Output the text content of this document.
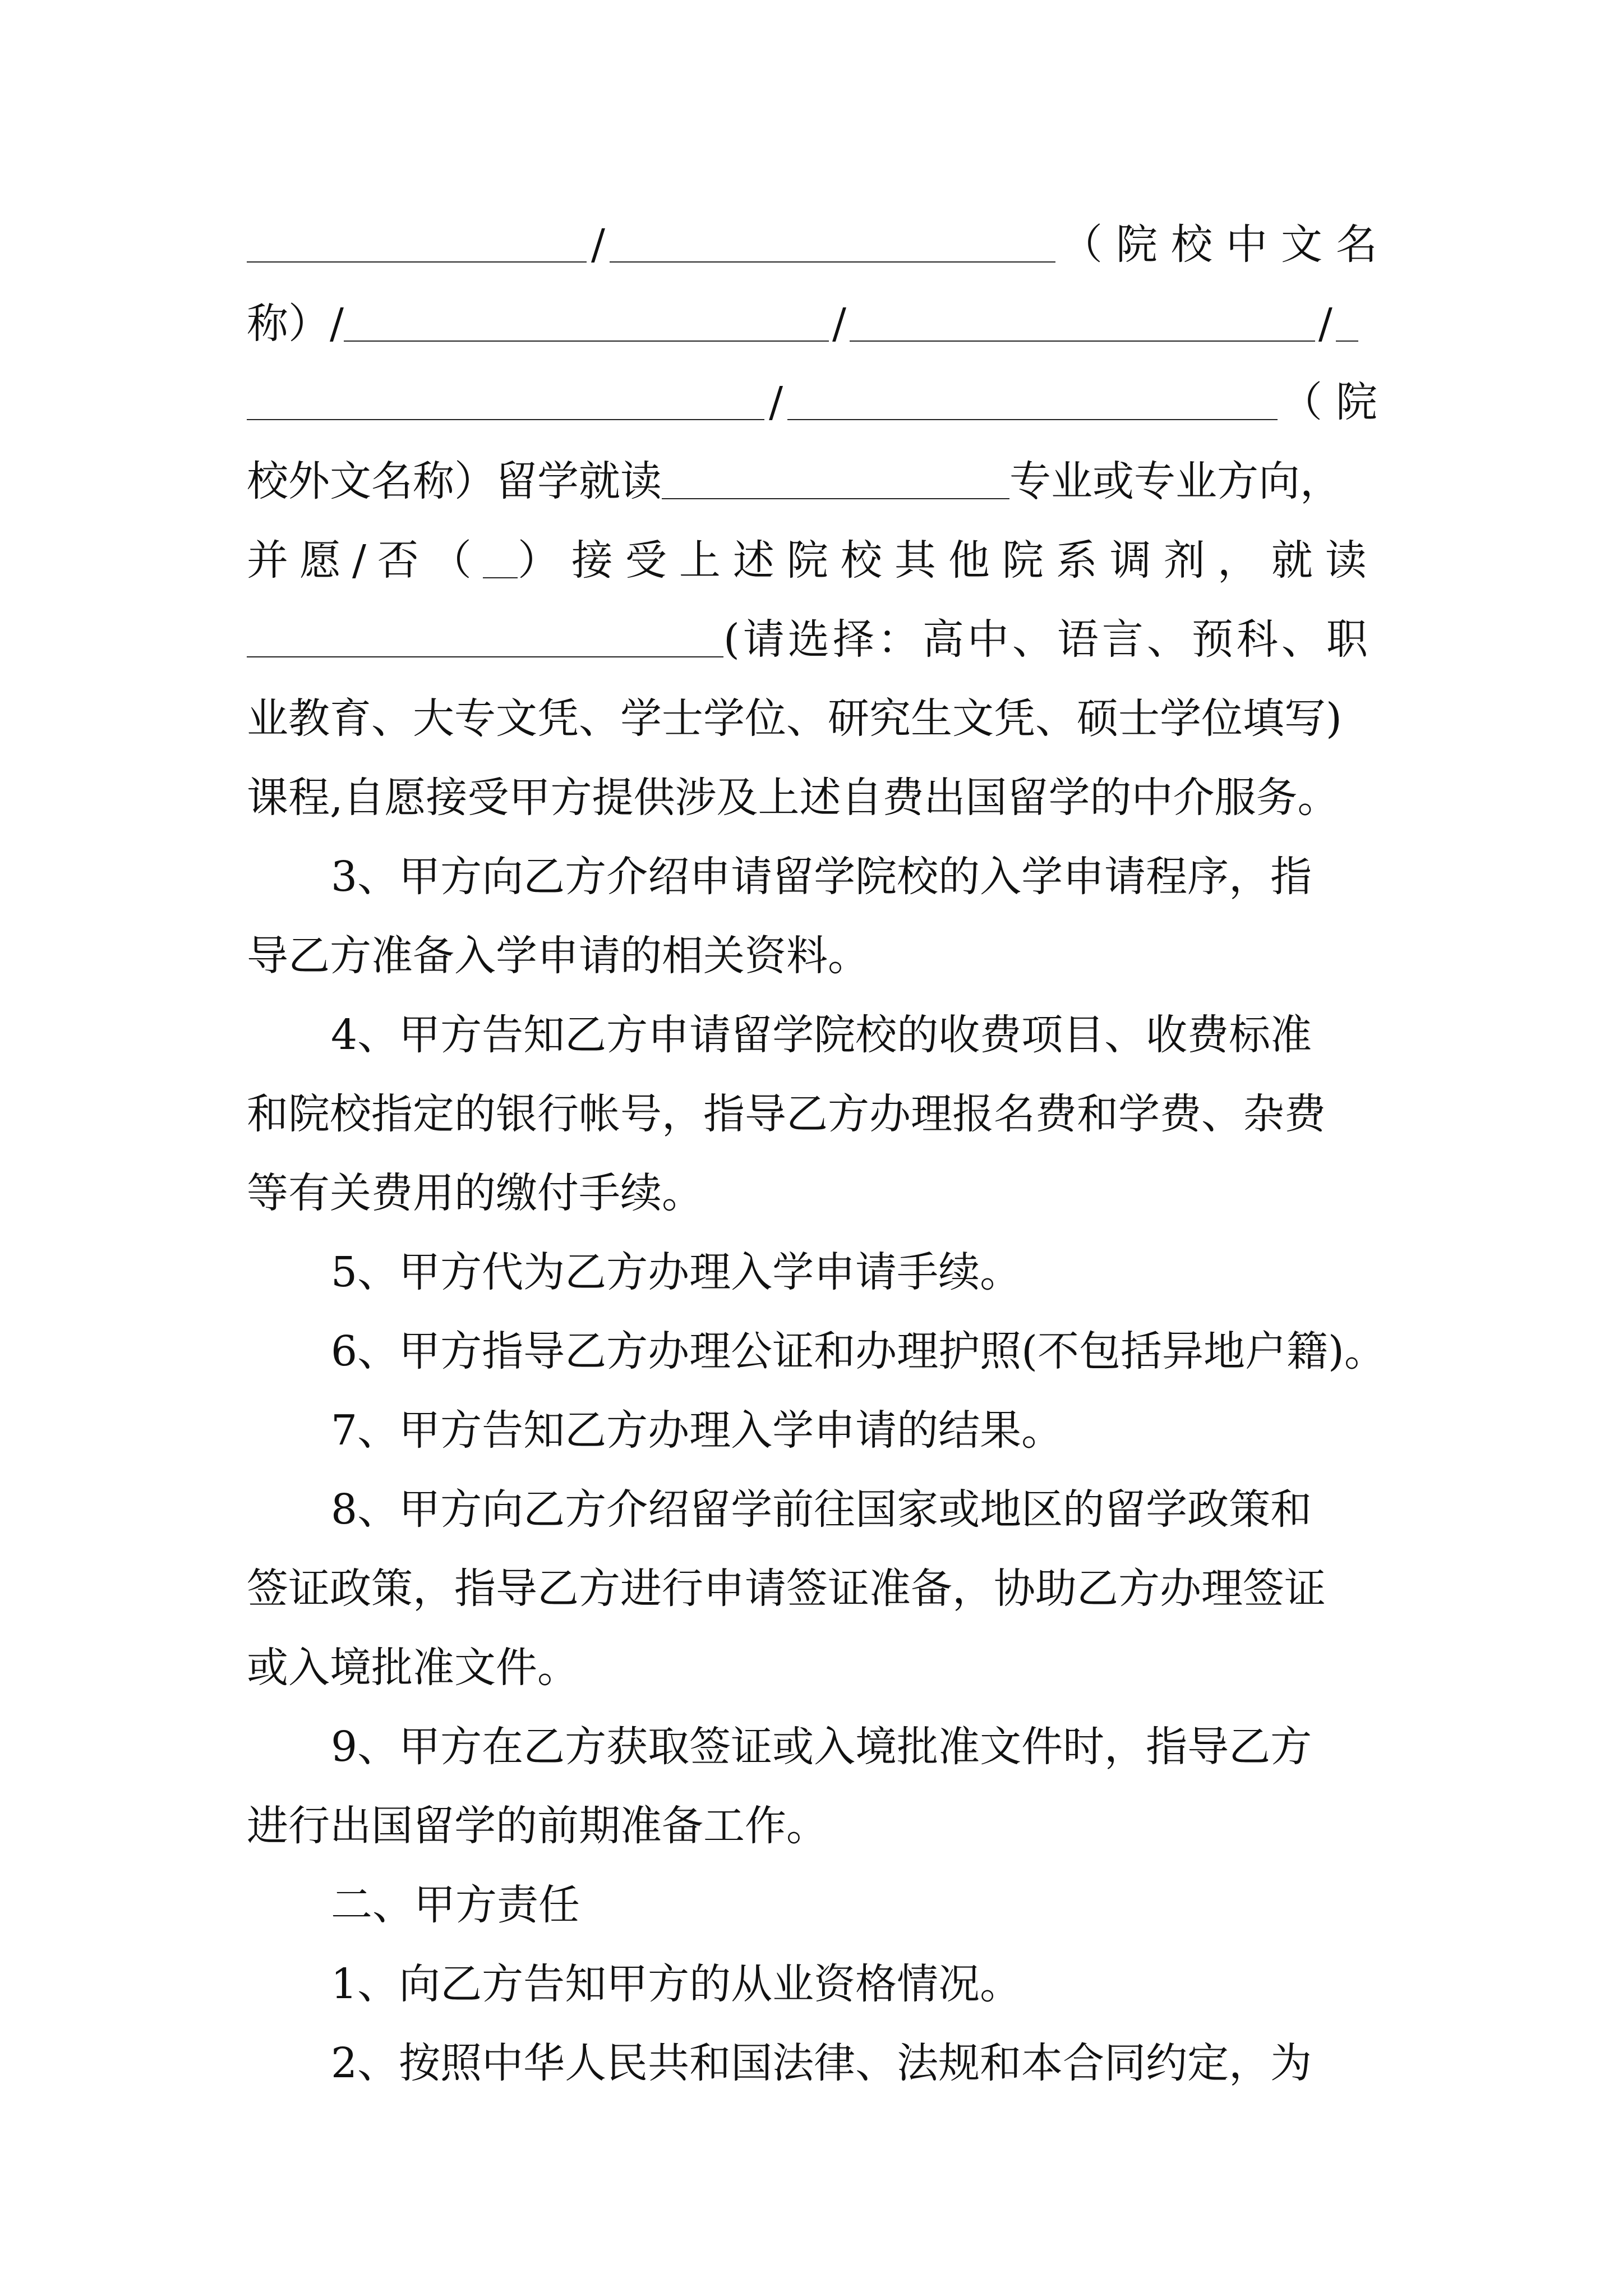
/	（院校中文名
称）/	/	/
/	（院
校外文名称）留学就读	专业或专业方向，
并愿/否（ ）接受上述院校其他院系调剂，就读
(请选择：高中、语言、预科、职
业教育、大专文凭、学士学位、研究生文凭、硕士学位填写)
课程,自愿接受甲方提供涉及上述自费出国留学的中介服务。
3、甲方向乙方介绍申请留学院校的入学申请程序，指
导乙方准备入学申请的相关资料。
4、甲方告知乙方申请留学院校的收费项目、收费标准
和院校指定的银行帐号，指导乙方办理报名费和学费、杂费
等有关费用的缴付手续。
5、甲方代为乙方办理入学申请手续。
6、甲方指导乙方办理公证和办理护照(不包括异地户籍)。
7、甲方告知乙方办理入学申请的结果。
8、甲方向乙方介绍留学前往国家或地区的留学政策和
签证政策，指导乙方进行申请签证准备，协助乙方办理签证
或入境批准文件。
9、甲方在乙方获取签证或入境批准文件时，指导乙方
进行出国留学的前期准备工作。
二、甲方责任
1、向乙方告知甲方的从业资格情况。
2、按照中华人民共和国法律、法规和本合同约定，为
